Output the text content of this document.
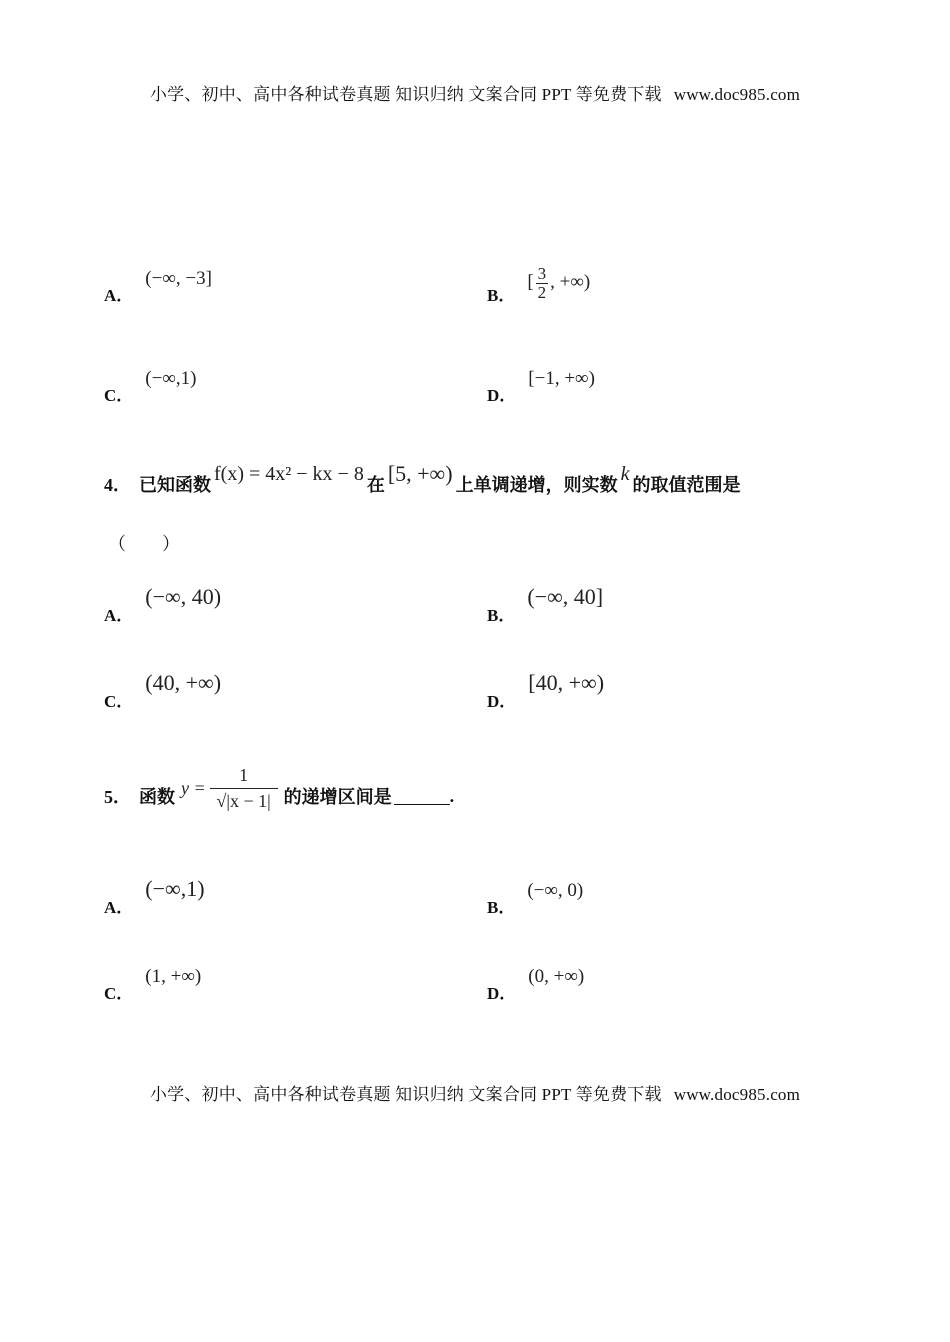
小学、初中、高中各种试卷真题 知识归纳 文案合同 PPT 等免费下载 www.doc985.com
A．
(−∞, −3]
B．
[ $\frac{3}{2}$ , +∞)
C．
(−∞,1)
D．
[−1, +∞)
4． 已知函数
f(x) = 4x² − kx − 8
在 [5, +∞) 上单调递增，则实数
k
的取值范围是
（　　）
A．
(−∞, 40)
B．
(−∞, 40]
C．
(40, +∞)
D．
[40, +∞)
5． 函数 $y = \frac{1}{√|x - 1|}$ 的递增区间是	.
A．
(−∞,1)
B．
(−∞, 0)
C．
(1, +∞)
D．
(0, +∞)
小学、初中、高中各种试卷真题 知识归纳 文案合同 PPT 等免费下载 www.doc985.com
